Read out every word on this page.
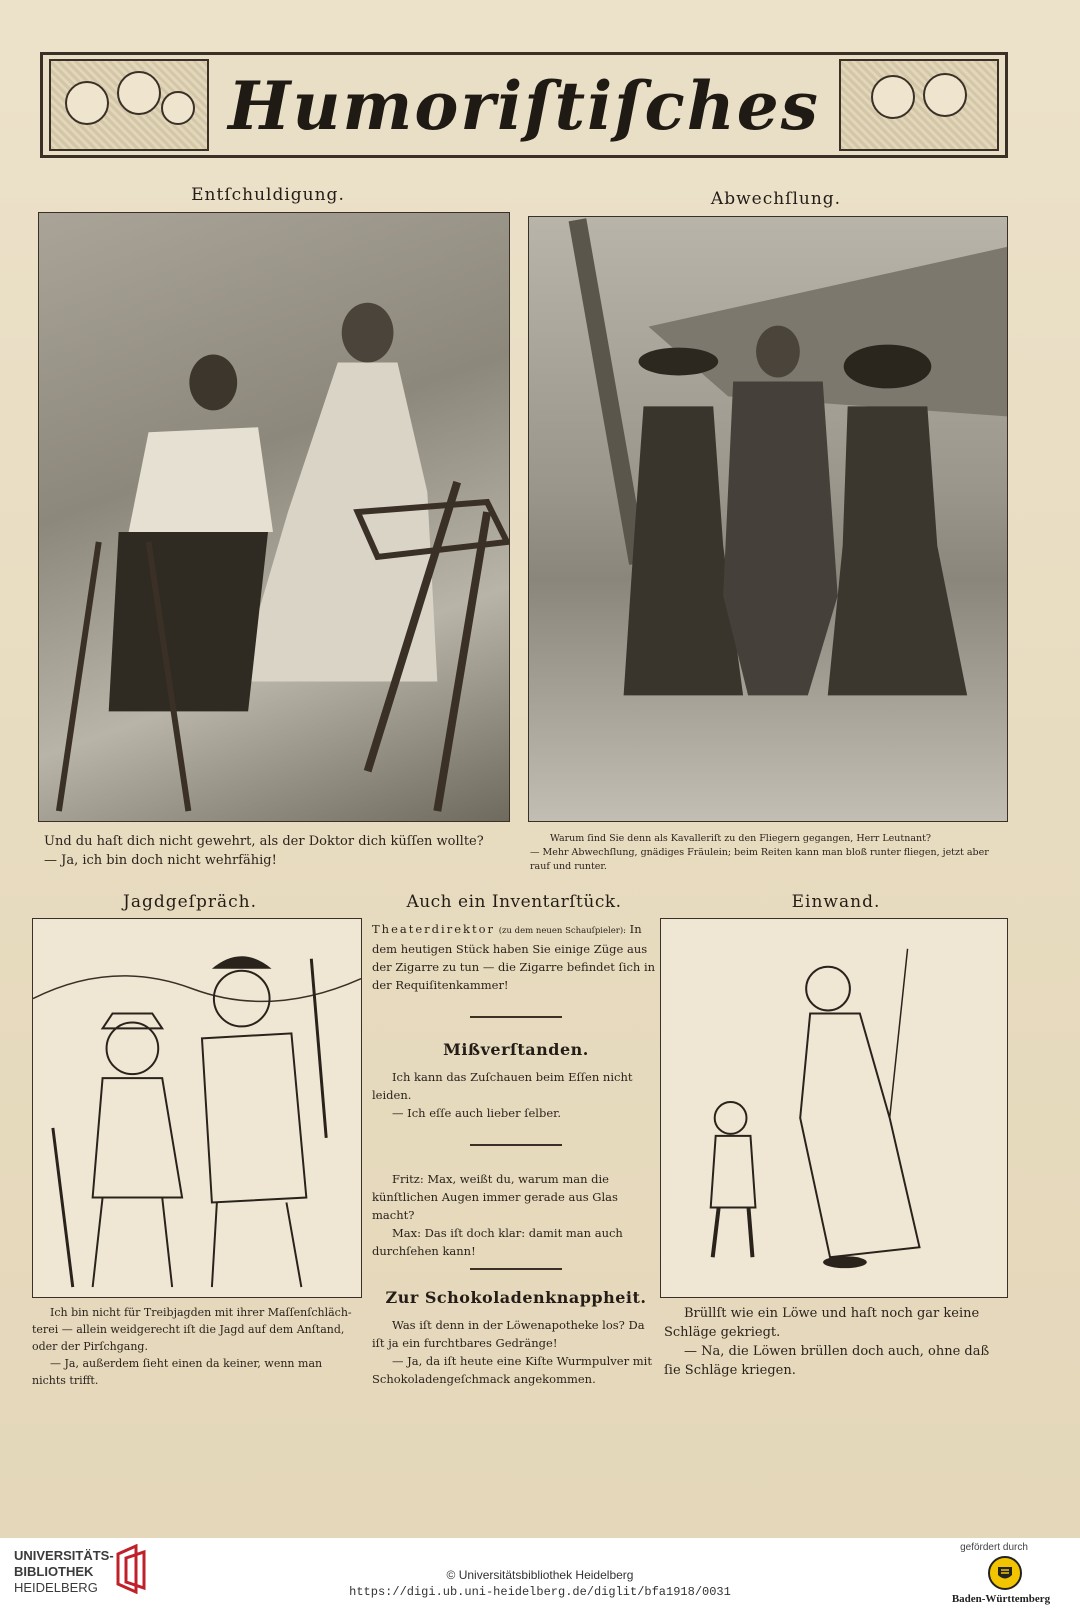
Humoriſtiſches
Entſchuldigung.	Abwechſlung.

Und du haſt dich nicht gewehrt, als der Doktor dich küſſen wollte?

— Ja, ich bin doch nicht wehrfähig!

Warum ſind Sie denn als Kavalleriſt zu den Fliegern gegangen, Herr Leutnant?

— Mehr Abwechſlung, gnädiges Fräulein; beim Reiten kann man bloß runter fliegen, jetzt aber rauf und runter.

Jagdgeſpräch.	Auch ein Inventarſtück.	Einwand.

Theaterdirektor (zu dem neuen Schauſpieler): In dem heutigen Stück haben Sie einige Züge aus der Zigarre zu tun — die Zigarre befindet ſich in der Requiſitenkammer!

Mißverſtanden.

Ich kann das Zuſchauen beim Eſſen nicht leiden.

— Ich eſſe auch lieber ſelber.

Fritz: Max, weißt du, warum man die künſtlichen Augen immer gerade aus Glas macht?

Max: Das iſt doch klar: damit man auch durchſehen kann!

Zur Schokoladenknappheit.

Was iſt denn in der Löwenapotheke los? Da iſt ja ein furchtbares Gedränge!

— Ja, da iſt heute eine Kiſte Wurmpulver mit Schokoladengeſchmack angekommen.

Ich bin nicht für Treibjagden mit ihrer Maſſenſchläch- terei — allein weidgerecht iſt die Jagd auf dem Anſtand, oder der Pirſchgang.

— Ja, außerdem ſieht einen da keiner, wenn man nichts trifft.

Brüllſt wie ein Löwe und haſt noch gar keine Schläge gekriegt.

— Na, die Löwen brüllen doch auch, ohne daß ſie Schläge kriegen.

UNIVERSITÄTS-
BIBLIOTHEK
HEIDELBERG
© Universitätsbibliothek Heidelberg
https://digi.ub.uni-heidelberg.de/diglit/bfa1918/0031
gefördert durch
Baden-Württemberg
